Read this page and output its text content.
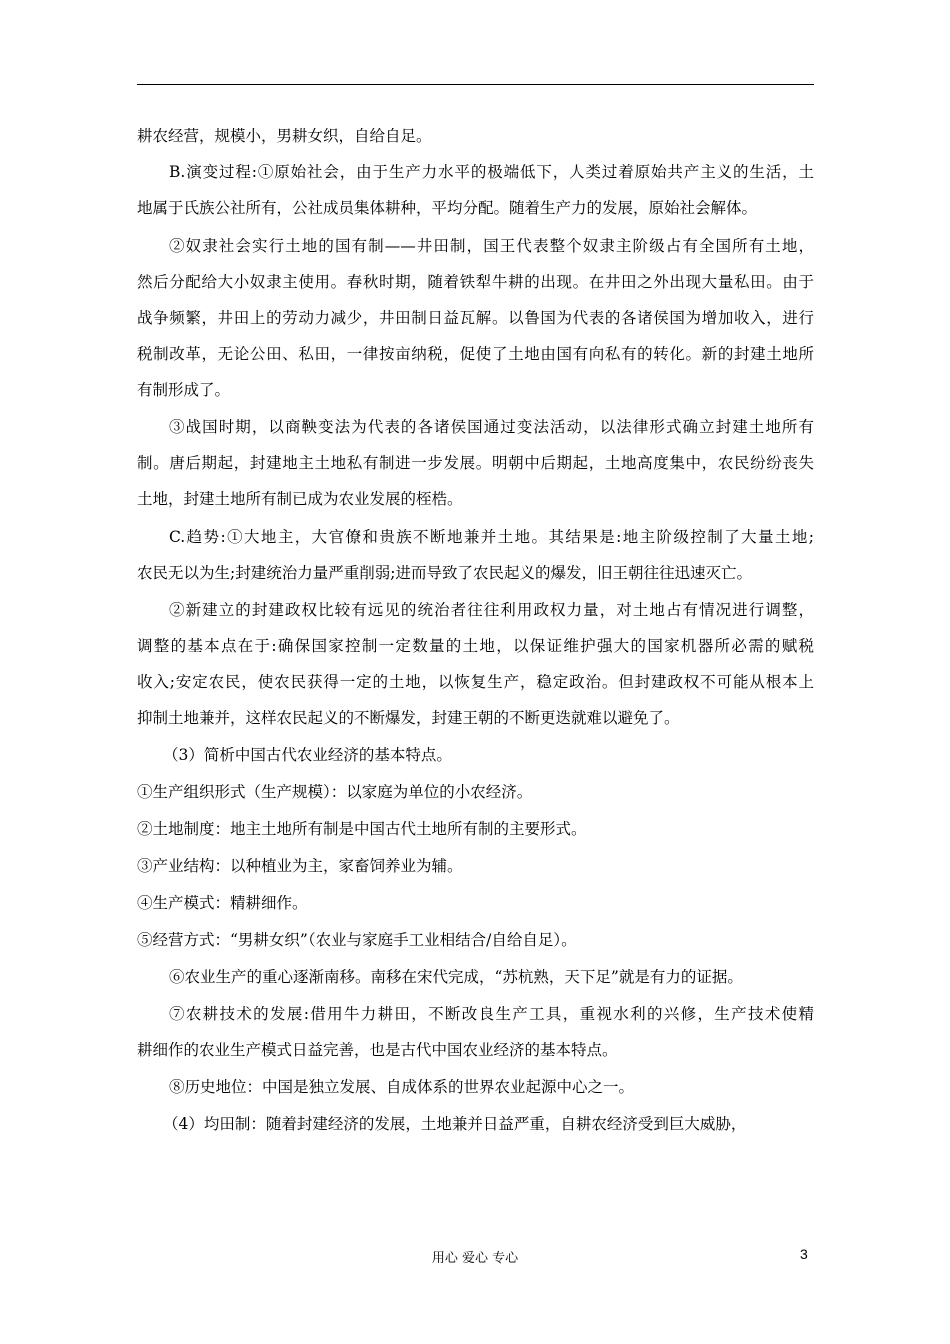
耕农经营，规模小，男耕女织，自给自足。
B.演变过程:①原始社会，由于生产力水平的极端低下，人类过着原始共产主义的生活，土
地属于氏族公社所有，公社成员集体耕种，平均分配。随着生产力的发展，原始社会解体。
②奴隶社会实行土地的国有制——井田制，国王代表整个奴隶主阶级占有全国所有土地，
然后分配给大小奴隶主使用。春秋时期，随着铁犁牛耕的出现。在井田之外出现大量私田。由于
战争频繁，井田上的劳动力减少，井田制日益瓦解。以鲁国为代表的各诸侯国为增加收入，进行
税制改革，无论公田、私田，一律按亩纳税，促使了土地由国有向私有的转化。新的封建土地所
有制形成了。
③战国时期，以商鞅变法为代表的各诸侯国通过变法活动，以法律形式确立封建土地所有
制。唐后期起，封建地主土地私有制进一步发展。明朝中后期起，土地高度集中，农民纷纷丧失
土地，封建土地所有制已成为农业发展的桎梏。
C.趋势:①大地主，大官僚和贵族不断地兼并土地。其结果是:地主阶级控制了大量土地;
农民无以为生;封建统治力量严重削弱;进而导致了农民起义的爆发，旧王朝往往迅速灭亡。
②新建立的封建政权比较有远见的统治者往往利用政权力量，对土地占有情况进行调整，
调整的基本点在于:确保国家控制一定数量的土地，以保证维护强大的国家机器所必需的赋税
收入;安定农民，使农民获得一定的土地，以恢复生产，稳定政治。但封建政权不可能从根本上
抑制土地兼并，这样农民起义的不断爆发，封建王朝的不断更迭就难以避免了。
（3）简析中国古代农业经济的基本特点。
①生产组织形式（生产规模）：以家庭为单位的小农经济。
②土地制度：地主土地所有制是中国古代土地所有制的主要形式。
③产业结构：以种植业为主，家畜饲养业为辅。
④生产模式：精耕细作。
⑤经营方式：“男耕女织”（农业与家庭手工业相结合/自给自足）。
⑥农业生产的重心逐渐南移。南移在宋代完成，“苏杭熟，天下足”就是有力的证据。
⑦农耕技术的发展:借用牛力耕田，不断改良生产工具，重视水利的兴修，生产技术使精
耕细作的农业生产模式日益完善，也是古代中国农业经济的基本特点。
⑧历史地位：中国是独立发展、自成体系的世界农业起源中心之一。
（4）均田制：随着封建经济的发展，土地兼并日益严重，自耕农经济受到巨大威胁，
用心 爱心 专心	3
